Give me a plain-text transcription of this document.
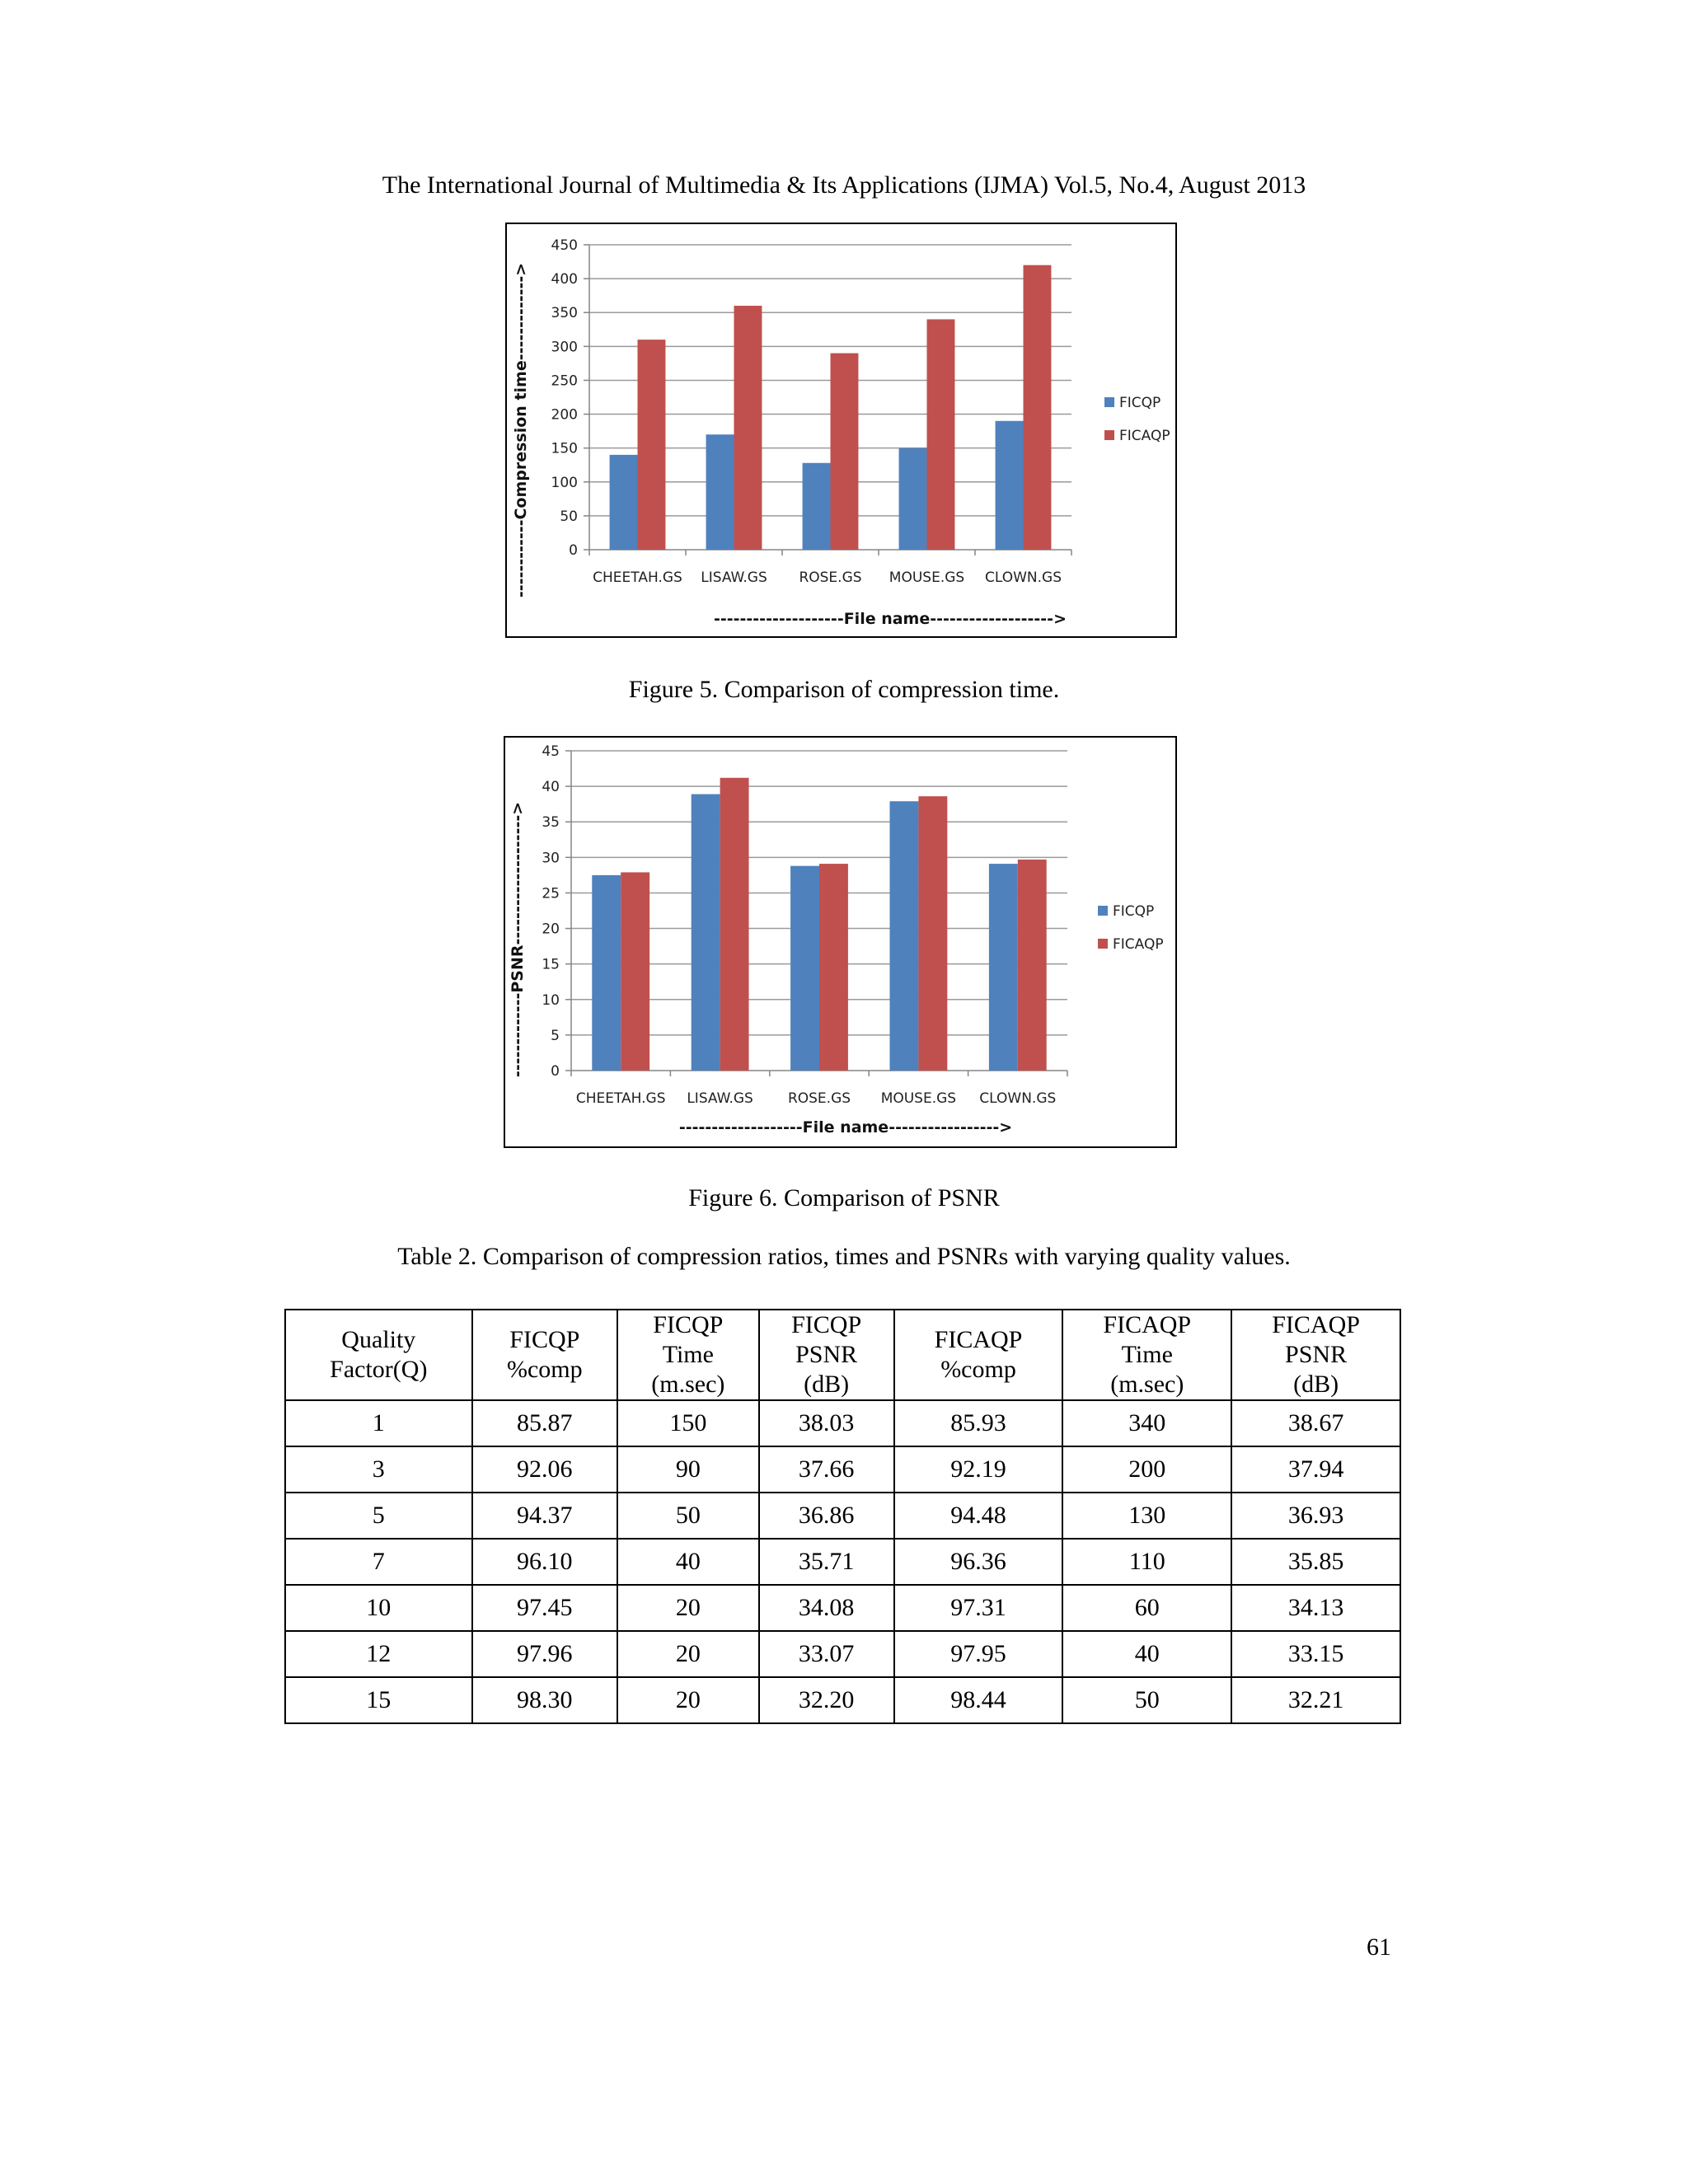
The International Journal of Multimedia & Its Applications (IJMA) Vol.5, No.4, August 2013
0
50
100
150
200
250
300
350
400
450
CHEETAH.GS LISAW.GS ROSE.GS MOUSE.GS CLOWN.GS
--------------------File name------------------->
------------Compression time------------->	FICQP
FICAQP
Figure 5. Comparison of compression time.
0
5
10
15
20
25
30
35
40
45
CHEETAH.GS LISAW.GS ROSE.GS MOUSE.GS CLOWN.GS
-------------------File name----------------->
-------------PSNR-------------------->	FICQP
FICAQP
Figure 6. Comparison of PSNR
Table 2. Comparison of compression ratios, times and PSNRs with varying quality values.
Quality
Factor(Q)	FICQP
%comp	FICQP
Time
(m.sec)	FICQP
PSNR
(dB)	FICAQP
%comp	FICAQP
Time
(m.sec)	FICAQP
PSNR
(dB)
1	85.87	150	38.03	85.93	340	38.67
3	92.06	90	37.66	92.19	200	37.94
5	94.37	50	36.86	94.48	130	36.93
7	96.10	40	35.71	96.36	110	35.85
10	97.45	20	34.08	97.31	60	34.13
12	97.96	20	33.07	97.95	40	33.15
15	98.30	20	32.20	98.44	50	32.21
61
